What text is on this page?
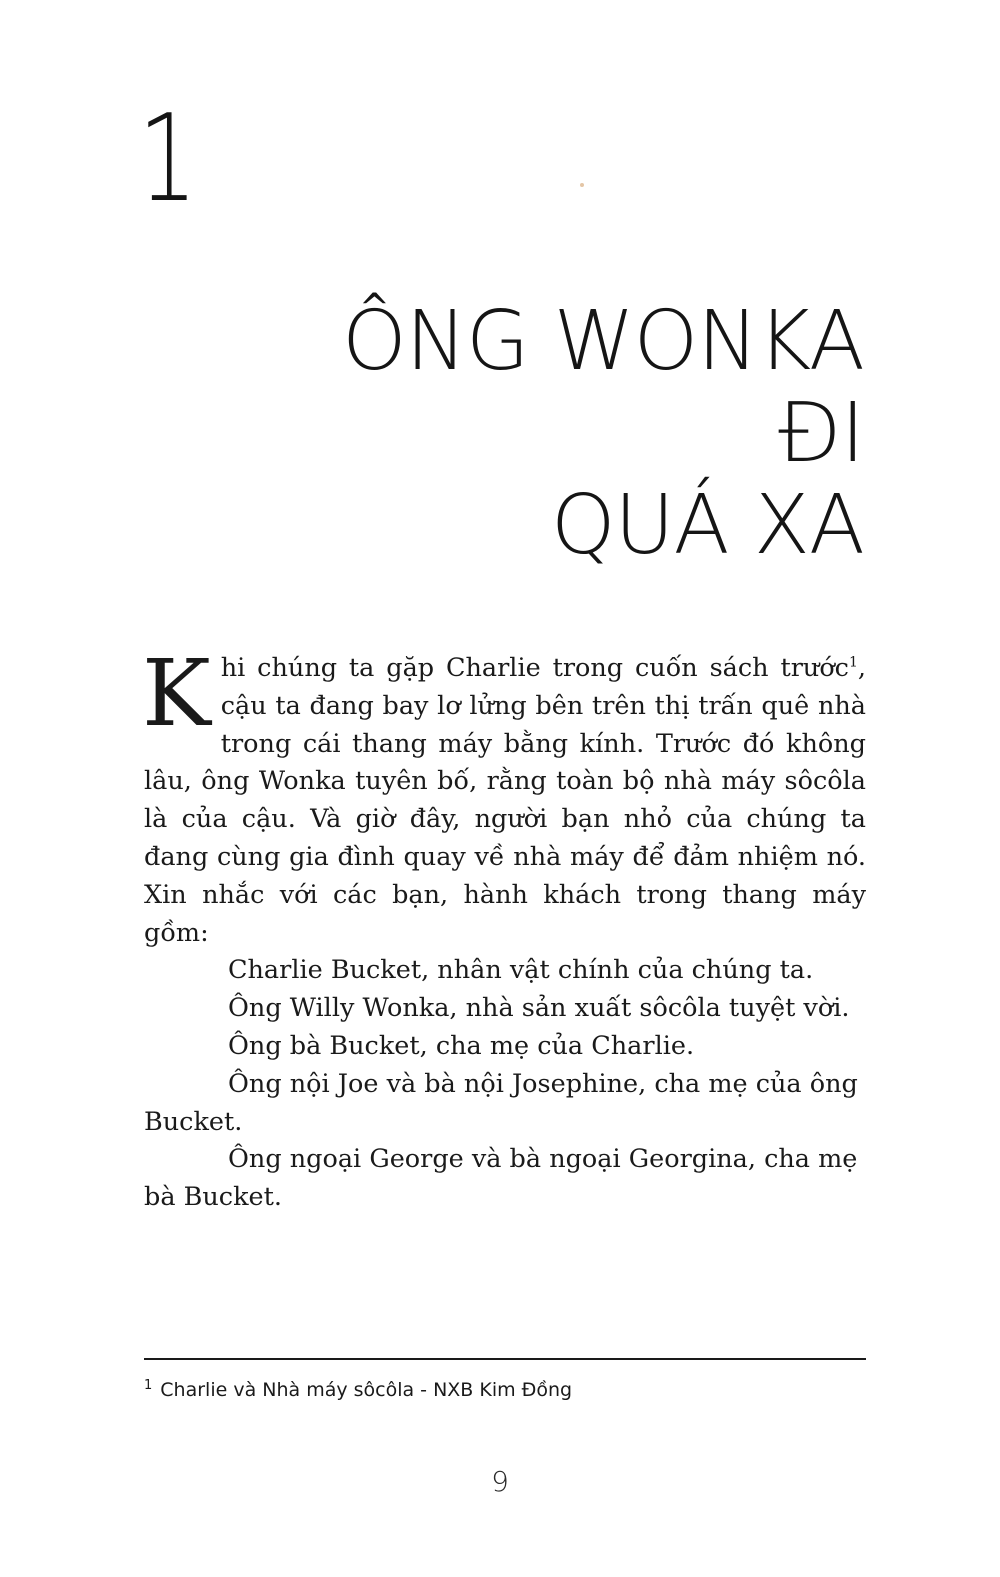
1
ÔNG WONKA ĐI
QUÁ XA

Khi chúng ta gặp Charlie trong cuốn sách trước$^1$, cậu ta đang bay lơ lửng bên trên thị trấn quê nhà trong cái thang máy bằng kính. Trước đó không lâu, ông Wonka tuyên bố, rằng toàn bộ nhà máy sôcôla là của cậu. Và giờ đây, người bạn nhỏ của chúng ta đang cùng gia đình quay về nhà máy để đảm nhiệm nó. Xin nhắc với các bạn, hành khách trong thang máy gồm:

Charlie Bucket, nhân vật chính của chúng ta.

Ông Willy Wonka, nhà sản xuất sôcôla tuyệt vời.

Ông bà Bucket, cha mẹ của Charlie.

Ông nội Joe và bà nội Josephine, cha mẹ của ông Bucket.

Ông ngoại George và bà ngoại Georgina, cha mẹ bà Bucket.

$^1$ Charlie và Nhà máy sôcôla - NXB Kim Đồng
9
